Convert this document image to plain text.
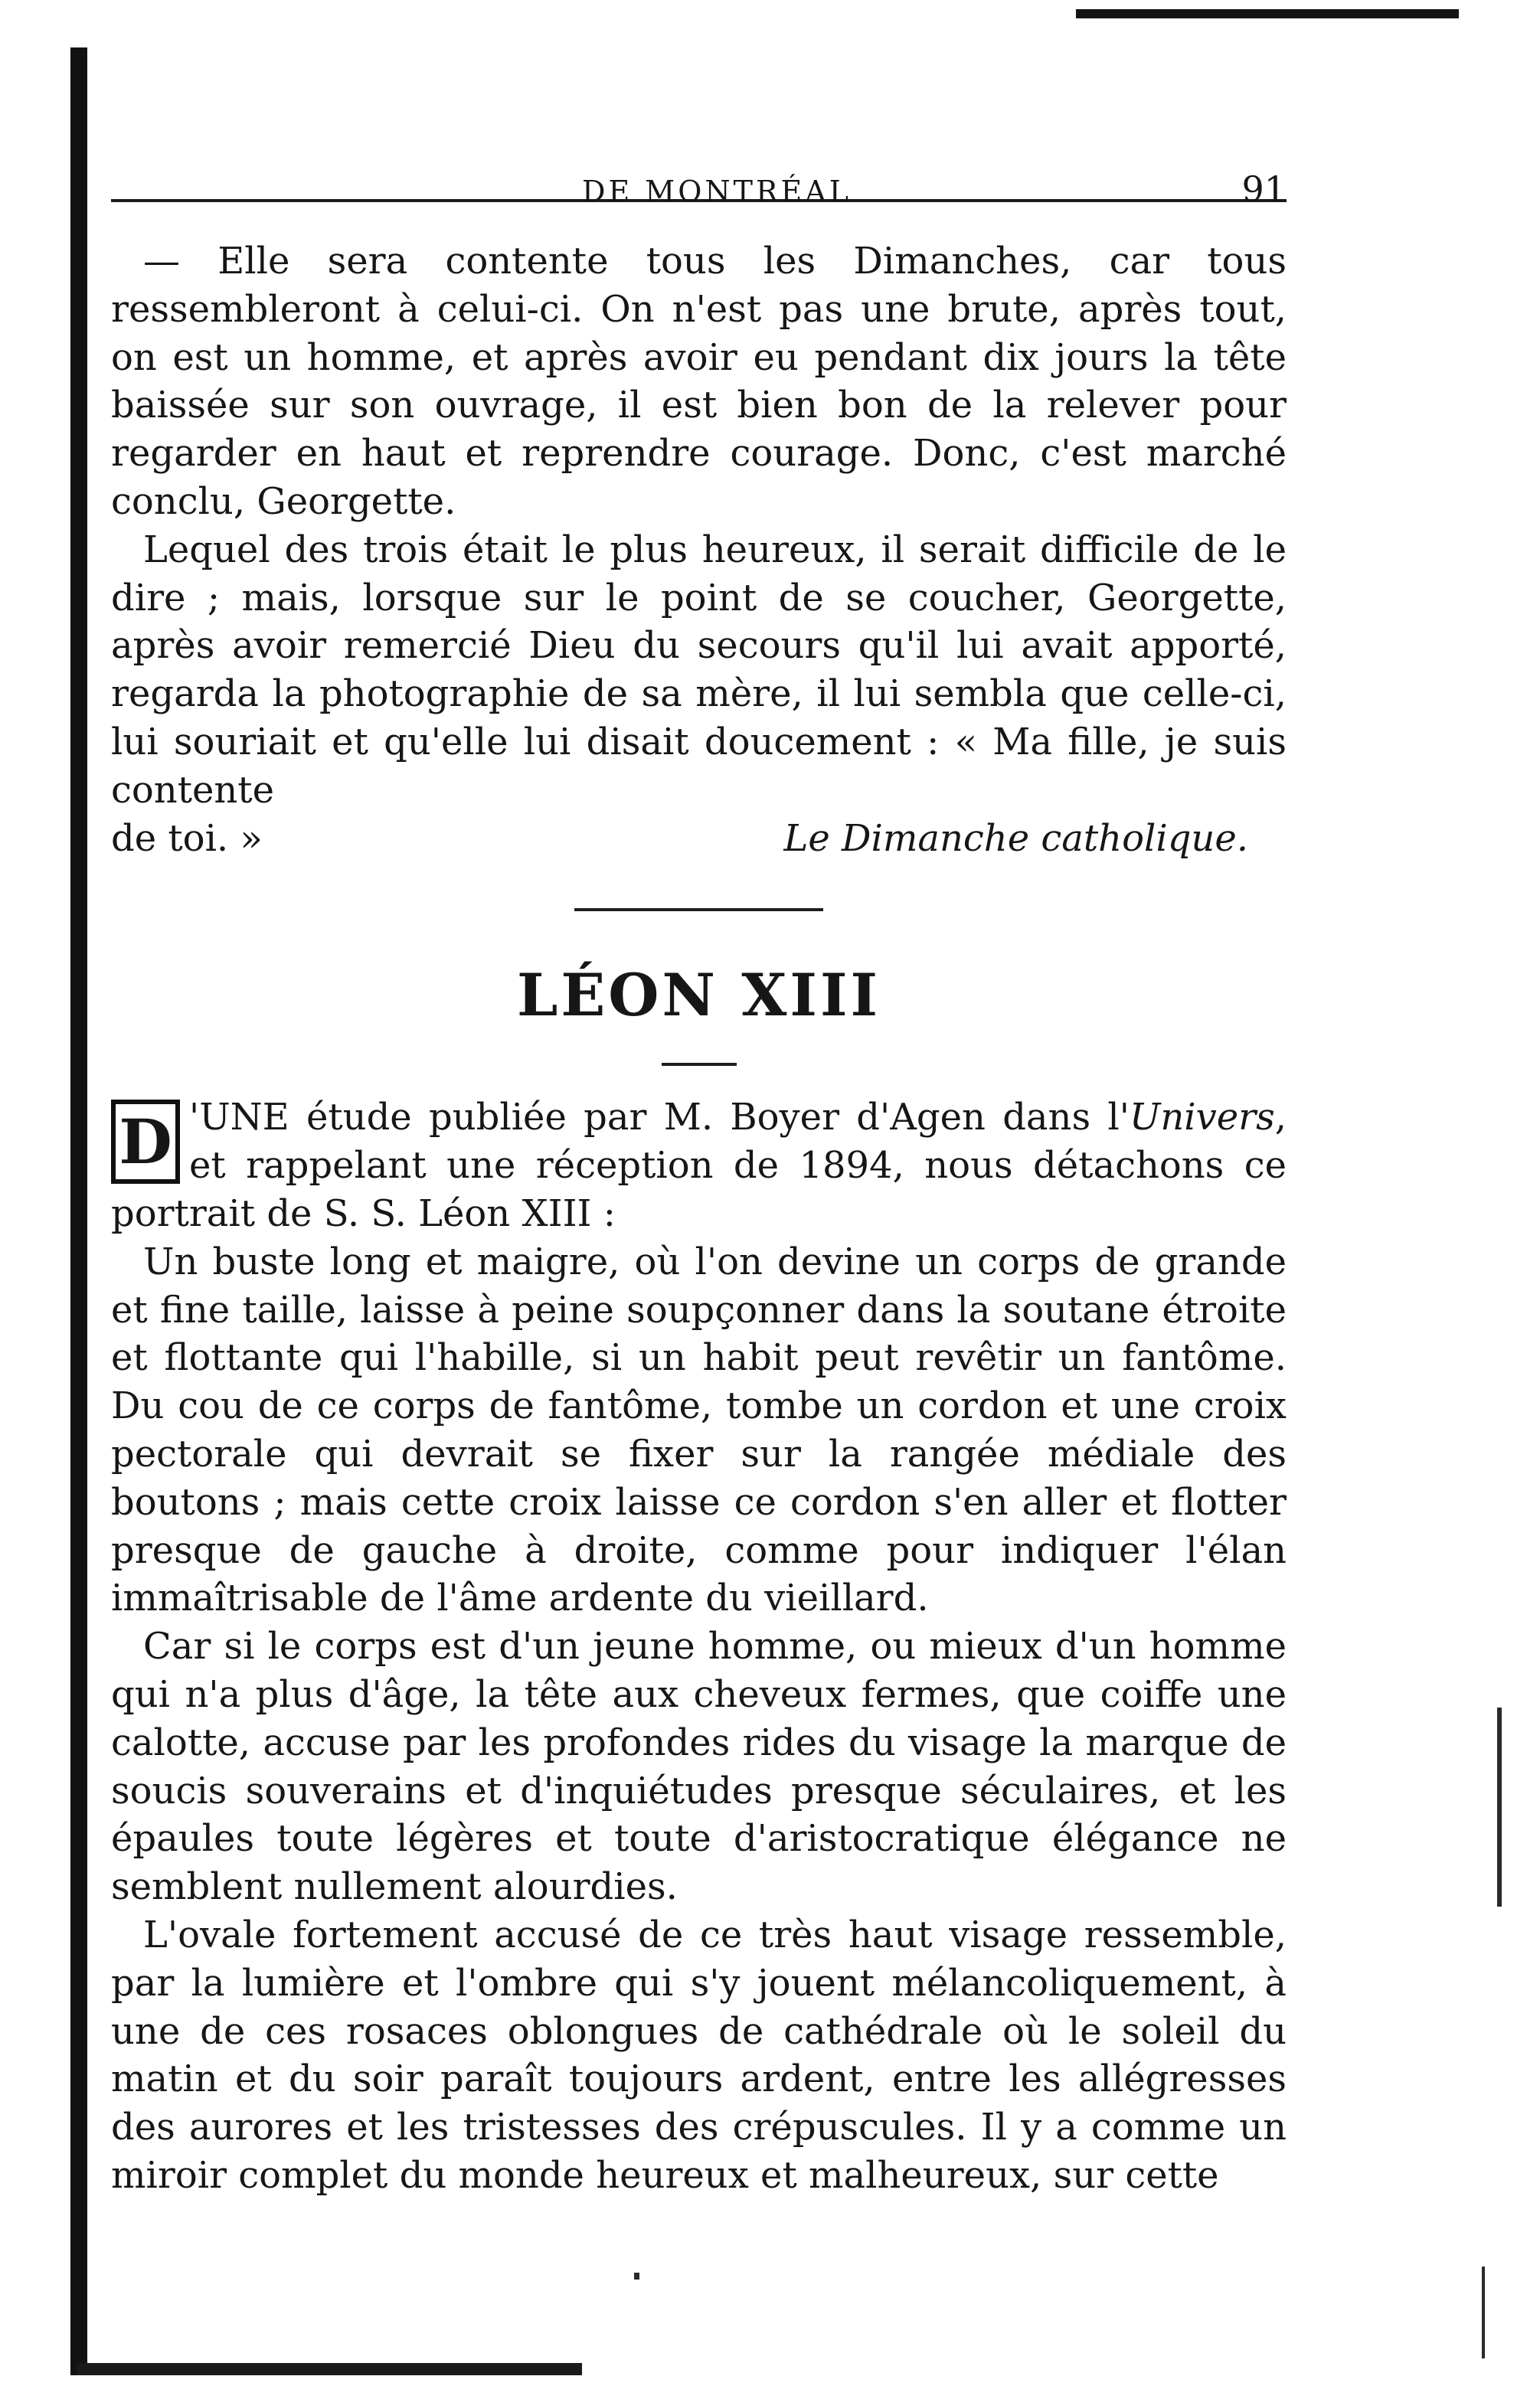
DE MONTRÉAL	91

— Elle sera contente tous les Dimanches, car tous ressembleront à celui-ci. On n'est pas une brute, après tout, on est un homme, et après avoir eu pendant dix jours la tête baissée sur son ouvrage, il est bien bon de la relever pour regarder en haut et reprendre courage. Donc, c'est marché conclu, Georgette.

Lequel des trois était le plus heureux, il serait difficile de le dire ; mais, lorsque sur le point de se coucher, Georgette, après avoir remercié Dieu du secours qu'il lui avait apporté, regarda la photographie de sa mère, il lui sembla que celle-ci, lui souriait et qu'elle lui disait doucement : « Ma fille, je suis contente

de toi. »	Le Dimanche catholique.
LÉON XIII

D 'UNE étude publiée par M. Boyer d'Agen dans l'Univers, et rappelant une réception de 1894, nous détachons ce portrait de S. S. Léon XIII :

Un buste long et maigre, où l'on devine un corps de grande et fine taille, laisse à peine soupçonner dans la soutane étroite et flottante qui l'habille, si un habit peut revêtir un fantôme. Du cou de ce corps de fantôme, tombe un cordon et une croix pectorale qui devrait se fixer sur la rangée médiale des boutons ; mais cette croix laisse ce cordon s'en aller et flotter presque de gauche à droite, comme pour indiquer l'élan immaîtrisable de l'âme ardente du vieillard.

Car si le corps est d'un jeune homme, ou mieux d'un homme qui n'a plus d'âge, la tête aux cheveux fermes, que coiffe une calotte, accuse par les profondes rides du visage la marque de soucis souverains et d'inquiétudes presque séculaires, et les épaules toute légères et toute d'aristocratique élégance ne semblent nullement alourdies.

L'ovale fortement accusé de ce très haut visage ressemble, par la lumière et l'ombre qui s'y jouent mélancoliquement, à une de ces rosaces oblongues de cathédrale où le soleil du matin et du soir paraît toujours ardent, entre les allégresses des aurores et les tristesses des crépuscules. Il y a comme un miroir complet du monde heureux et malheureux, sur cette
